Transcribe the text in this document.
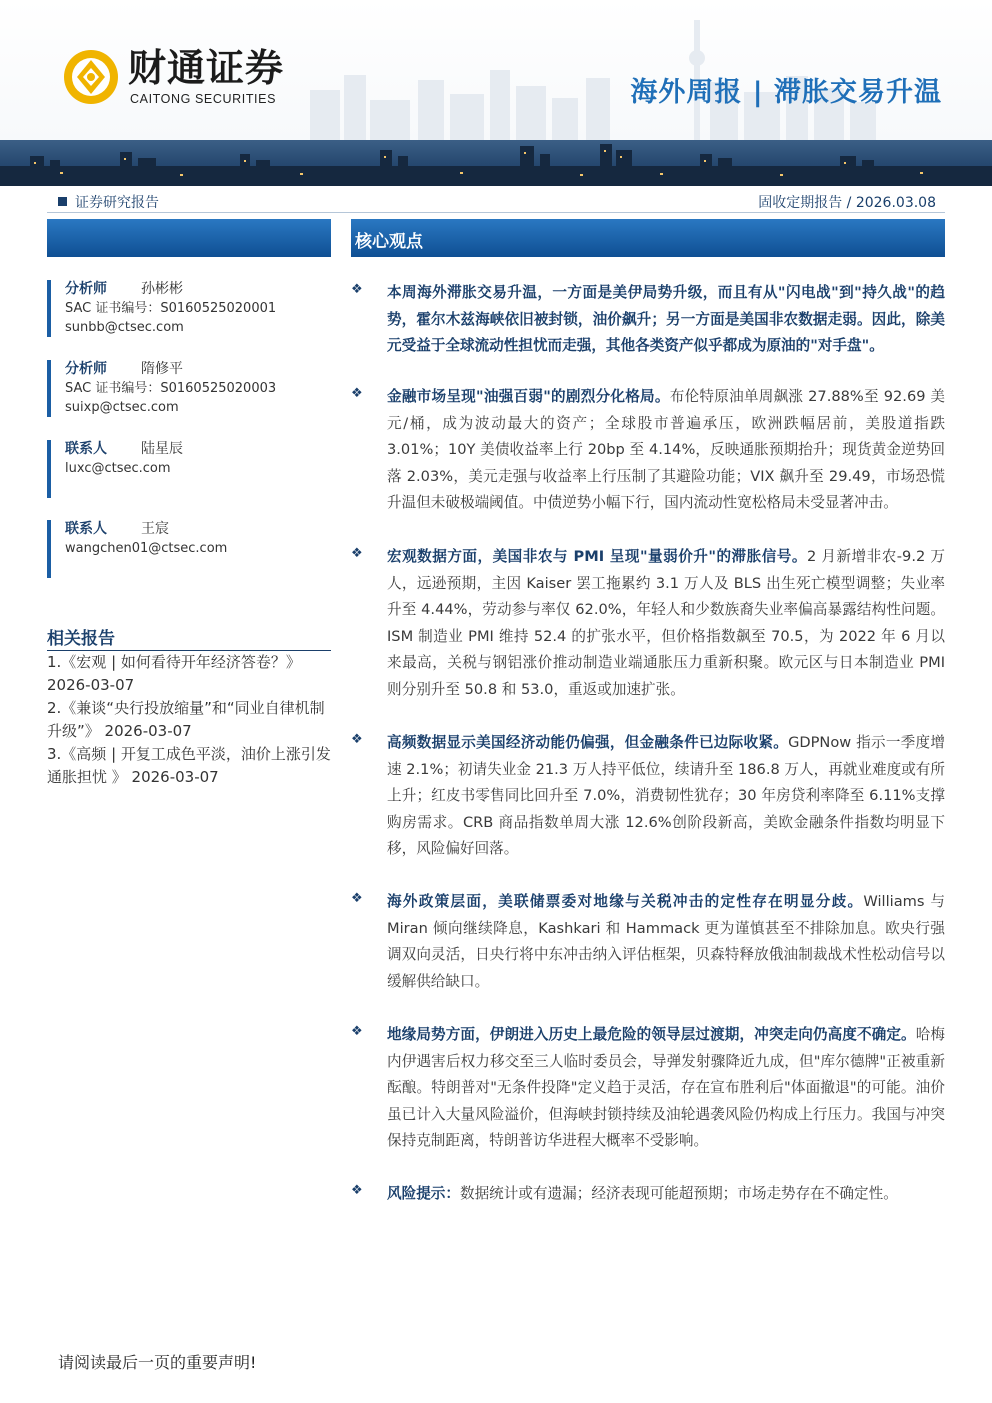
财通证券
CAITONG SECURITIES	海外周报 | 滞胀交易升温
证券研究报告	固收定期报告 / 2026.03.08
分析师 孙彬彬
SAC 证书编号：S0160525020001
sunbb@ctsec.com
分析师 隋修平
SAC 证书编号：S0160525020003
suixp@ctsec.com
联系人 陆星辰
luxc@ctsec.com
联系人 王宸
wangchen01@ctsec.com
相关报告
1.《宏观 | 如何看待开年经济答卷？》 2026-03-07
2.《兼谈“央行投放缩量”和“同业自律机制升级”》 2026-03-07
3.《高频 | 开复工成色平淡，油价上涨引发通胀担忧 》 2026-03-07
核心观点
❖ 本周海外滞胀交易升温，一方面是美伊局势升级，而且有从"闪电战"到"持久战"的趋势，霍尔木兹海峡依旧被封锁，油价飙升；另一方面是美国非农数据走弱。因此，除美元受益于全球流动性担忧而走强，其他各类资产似乎都成为原油的"对手盘"。
❖ 金融市场呈现"油强百弱"的剧烈分化格局。布伦特原油单周飙涨 27.88%至 92.69 美元/桶，成为波动最大的资产；全球股市普遍承压，欧洲跌幅居前，美股道指跌 3.01%；10Y 美债收益率上行 20bp 至 4.14%，反映通胀预期抬升；现货黄金逆势回落 2.03%，美元走强与收益率上行压制了其避险功能；VIX 飙升至 29.49，市场恐慌升温但未破极端阈值。中债逆势小幅下行，国内流动性宽松格局未受显著冲击。
❖ 宏观数据方面，美国非农与 PMI 呈现"量弱价升"的滞胀信号。2 月新增非农-9.2 万人，远逊预期，主因 Kaiser 罢工拖累约 3.1 万人及 BLS 出生死亡模型调整；失业率升至 4.44%，劳动参与率仅 62.0%，年轻人和少数族裔失业率偏高暴露结构性问题。ISM 制造业 PMI 维持 52.4 的扩张水平，但价格指数飙至 70.5，为 2022 年 6 月以来最高，关税与钢铝涨价推动制造业端通胀压力重新积聚。欧元区与日本制造业 PMI 则分别升至 50.8 和 53.0，重返或加速扩张。
❖ 高频数据显示美国经济动能仍偏强，但金融条件已边际收紧。GDPNow 指示一季度增速 2.1%；初请失业金 21.3 万人持平低位，续请升至 186.8 万人，再就业难度或有所上升；红皮书零售同比回升至 7.0%，消费韧性犹存；30 年房贷利率降至 6.11%支撑购房需求。CRB 商品指数单周大涨 12.6%创阶段新高，美欧金融条件指数均明显下移，风险偏好回落。
❖ 海外政策层面，美联储票委对地缘与关税冲击的定性存在明显分歧。Williams 与 Miran 倾向继续降息，Kashkari 和 Hammack 更为谨慎甚至不排除加息。欧央行强调双向灵活，日央行将中东冲击纳入评估框架，贝森特释放俄油制裁战术性松动信号以缓解供给缺口。
❖ 地缘局势方面，伊朗进入历史上最危险的领导层过渡期，冲突走向仍高度不确定。哈梅内伊遇害后权力移交至三人临时委员会，导弹发射骤降近九成，但"库尔德牌"正被重新酝酿。特朗普对"无条件投降"定义趋于灵活，存在宣布胜利后"体面撤退"的可能。油价虽已计入大量风险溢价，但海峡封锁持续及油轮遇袭风险仍构成上行压力。我国与冲突保持克制距离，特朗普访华进程大概率不受影响。
❖ 风险提示：数据统计或有遗漏；经济表现可能超预期；市场走势存在不确定性。
请阅读最后一页的重要声明!
